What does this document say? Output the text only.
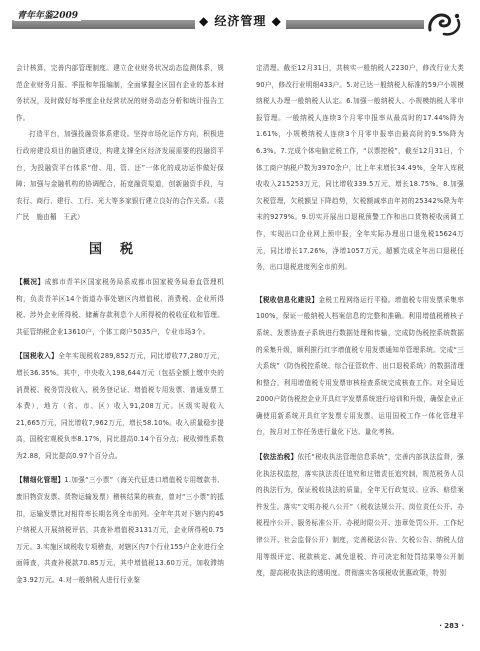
青年年鉴2009	◆ 经济管理 ◆

会计核算，完善内部管理制度。建立企业财务状况动态监测体系，规范企业财务月报、季报和年报编制，全面掌握全区国有企业的基本财务状况，及时做好每季度企业经营状况的财务动态分析和统计报告工作。

打造平台，加强投融资体系建设。坚持市场化运作方向，积极进行政府建设项目的融资建设，构建支撑全区经济发展需要的投融资平台，为投融资平台体系“借、用、管、还”一体化的成功运作做好保障；加强与金融机构的协调配合，拓宽融资渠道，创新融资手段，与农行、商行、建行、工行、光大等多家银行建立良好的合作关系。（裴广民　施由楣　王武）

国税

【概况】成都市青羊区国家税务局系成都市国家税务局垂直管理机构，负责青羊区14个街道办事处辖区内增值税、消费税、企业所得税、涉外企业所得税、储蓄存款利息个人所得税的税收征收和管理。共征管纳税企业13610户，个体工商户5035户，专业市场3个。

【国税收入】全年实现税收289,852万元，同比增收77,280万元，增长36.35%。其中，中央收入198,644万元（包括全额上缴中央的消费税、税务罚没收入、税务登记证、增值税专用发票、普通发票工本费），地方（省、市、区）收入91,208万元。区级实现收入21,665万元，同比增收7,962万元，增长58.10%。收入质量稳步提高，国税宏观税负率8.17%，同比提高0.14个百分点；税收弹性系数为2.88，同比提高0.97个百分点。

【精细化管理】1.加强“三小票”（海关代征进口增值税专用缴款书、废旧物资发票、货物运输发票）稽核结果的核查，曾对“三小票”的抵扣，运输发票比对相符率长期名列全市前列。全年年共对下辖内的45户纳税人开展纳税评估，共查补增值税3131万元，企业所得税0.75万元。3.实施区域税收专项稽查，对辖区内7个行业155户企业进行全面筛查，共查补税款70.85万元，其中增值税13.60万元，加收滞纳金3.92万元。4.对一般纳税人进行行业鉴

定清理。截至12月31日，共核实一般纳税人2230户，修改行业大类90户，修改行业明细433户。5.对已达一般纳税人标准的59户小规模纳税人办理一般纳税人认定。6.加强一般纳税人、小规模纳税人零申报管理。一般纳税人连续3个月零申报率从最高时的17.44%降为1.61%，小规模纳税人连续3个月零申报率由最高时的9.5%降为6.3%。7.完成个体电脑定税工作，“以票控税”，截至12月31日，个体工商户纳税户数为3970余户，比上年末增长34.49%，全年入库税收收入215253万元，同比增收339.5万元，增长18.75%。8.加强欠税管理，欠税额呈下降趋势，欠税额减率由年初的25342%降为年末的9279%。9.切实开展出口退税预警工作和出口货物税收函调工作，实现出口企业网上预申报，全年实际办理出口退免税15624万元，同比增长17.26%，净增1057万元，超额完成全年出口退税任务，出口退税进度列全市前列。

【税收信息化建设】金税工程网络运行平稳。增值税专用发票采集率100%，保证一般纳税人档案信息的完整和准确。利用增值税稽核子系统、发票协查子系统进行数据处理和传输，完成防伪税控系统数据的采集升级，顺利推行红字增值税专用发票通知单管理系统。完成“三大系统”（防伪税控系统、综合征管软件、出口退税系统）的数据清理和整合，利用增值税专用发票审核检查系统完成核查工作。对全局近2000户防伪税控企业开具红字发票系统进行培训和升级，确保企业正确使用新系统开具红字发票专用发票。运用国税工作一体化管理平台，按月对工作任务进行量化下达、量化考核。

【依法治税】依托“税收执法管理信息系统”，完善内部执法监督，强化执法权监控，落实执法责任追究和过错责任追究制，规范税务人员的执法行为，保证税收执法的质量，全年无行政复议、应诉、赔偿案件发生。落实“文明办税八公开”（税收法规公开、岗位责任公开、办税程序公开、服务标准公开、办税时限公开、违章处罚公开、工作纪律公开、社会监督公开）制度，完善税法公告、欠税公告、纳税人信用等级评定、税款核定、减免退税、许可决定和处罚结果等公开制度，提高税收执法的透明度。贯彻落实各项税收优惠政策，特别

· 283 ·
